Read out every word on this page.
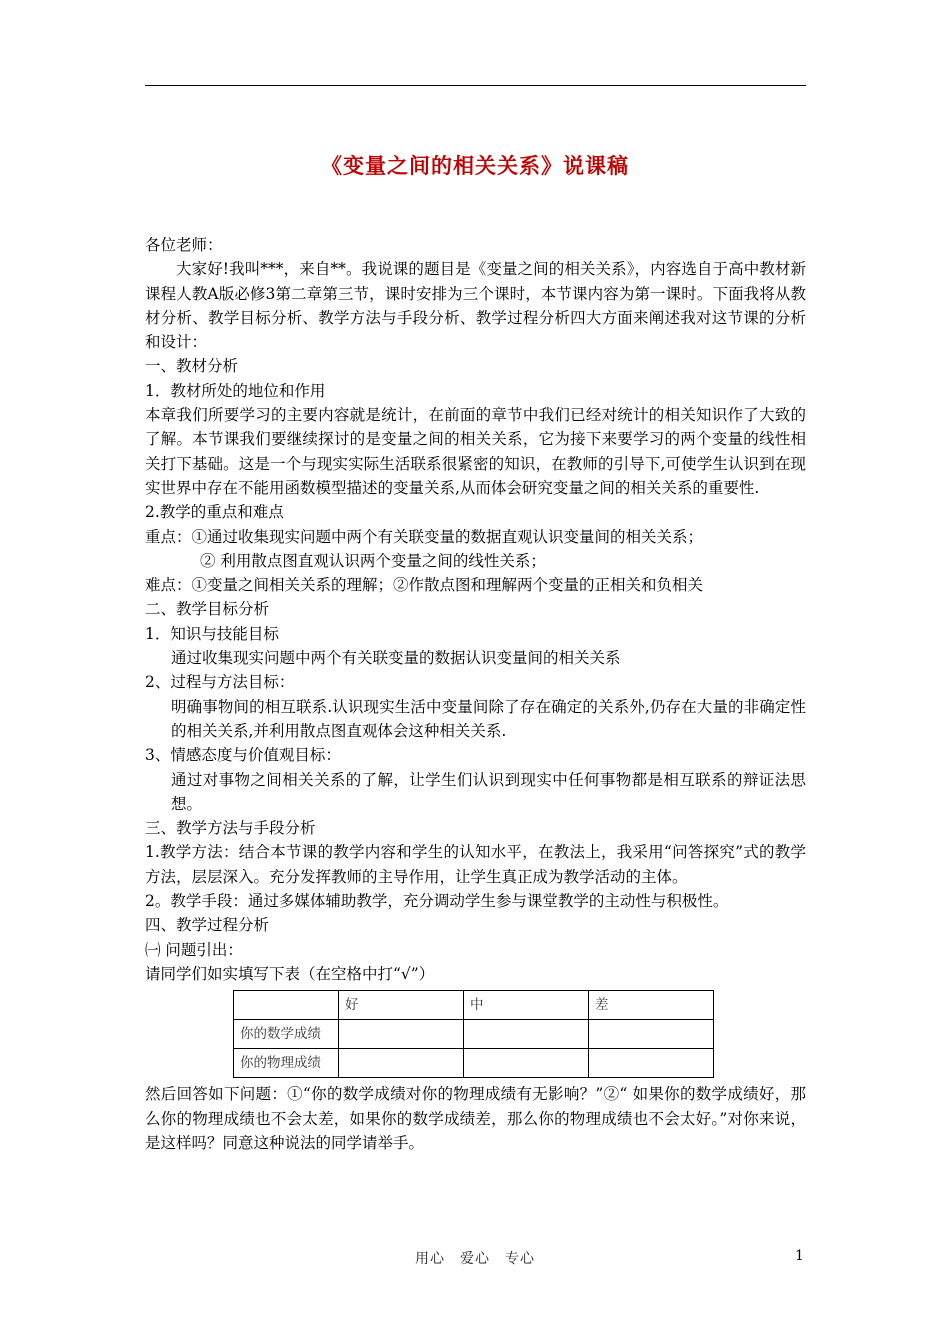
《变量之间的相关关系》说课稿

各位老师：

大家好!我叫***，来自**。我说课的题目是《变量之间的相关关系》，内容选自于高中教材新课程人教A版必修3第二章第三节，课时安排为三个课时，本节课内容为第一课时。下面我将从教材分析、教学目标分析、教学方法与手段分析、教学过程分析四大方面来阐述我对这节课的分析和设计：

一、教材分析

1．教材所处的地位和作用

本章我们所要学习的主要内容就是统计，在前面的章节中我们已经对统计的相关知识作了大致的了解。本节课我们要继续探讨的是变量之间的相关关系，它为接下来要学习的两个变量的线性相关打下基础。这是一个与现实实际生活联系很紧密的知识，在教师的引导下,可使学生认识到在现实世界中存在不能用函数模型描述的变量关系,从而体会研究变量之间的相关关系的重要性.

2.教学的重点和难点

重点：①通过收集现实问题中两个有关联变量的数据直观认识变量间的相关关系；

② 利用散点图直观认识两个变量之间的线性关系；

难点：①变量之间相关关系的理解；②作散点图和理解两个变量的正相关和负相关

二、教学目标分析

1．知识与技能目标

通过收集现实问题中两个有关联变量的数据认识变量间的相关关系

2、过程与方法目标：

明确事物间的相互联系.认识现实生活中变量间除了存在确定的关系外,仍存在大量的非确定性的相关关系,并利用散点图直观体会这种相关关系.

3、情感态度与价值观目标：

通过对事物之间相关关系的了解，让学生们认识到现实中任何事物都是相互联系的辩证法思想。

三、教学方法与手段分析

1.教学方法：结合本节课的教学内容和学生的认知水平，在教法上，我采用“问答探究”式的教学方法，层层深入。充分发挥教师的主导作用，让学生真正成为教学活动的主体。

2。教学手段：通过多媒体辅助教学，充分调动学生参与课堂教学的主动性与积极性。

四、教学过程分析

㈠ 问题引出：

请同学们如实填写下表（在空格中打“√”）

	好	中	差
你的数学成绩			
你的物理成绩			

然后回答如下问题：①“你的数学成绩对你的物理成绩有无影响？”②“ 如果你的数学成绩好，那么你的物理成绩也不会太差，如果你的数学成绩差，那么你的物理成绩也不会太好。”对你来说，是这样吗？同意这种说法的同学请举手。

用心　爱心　专心	1
